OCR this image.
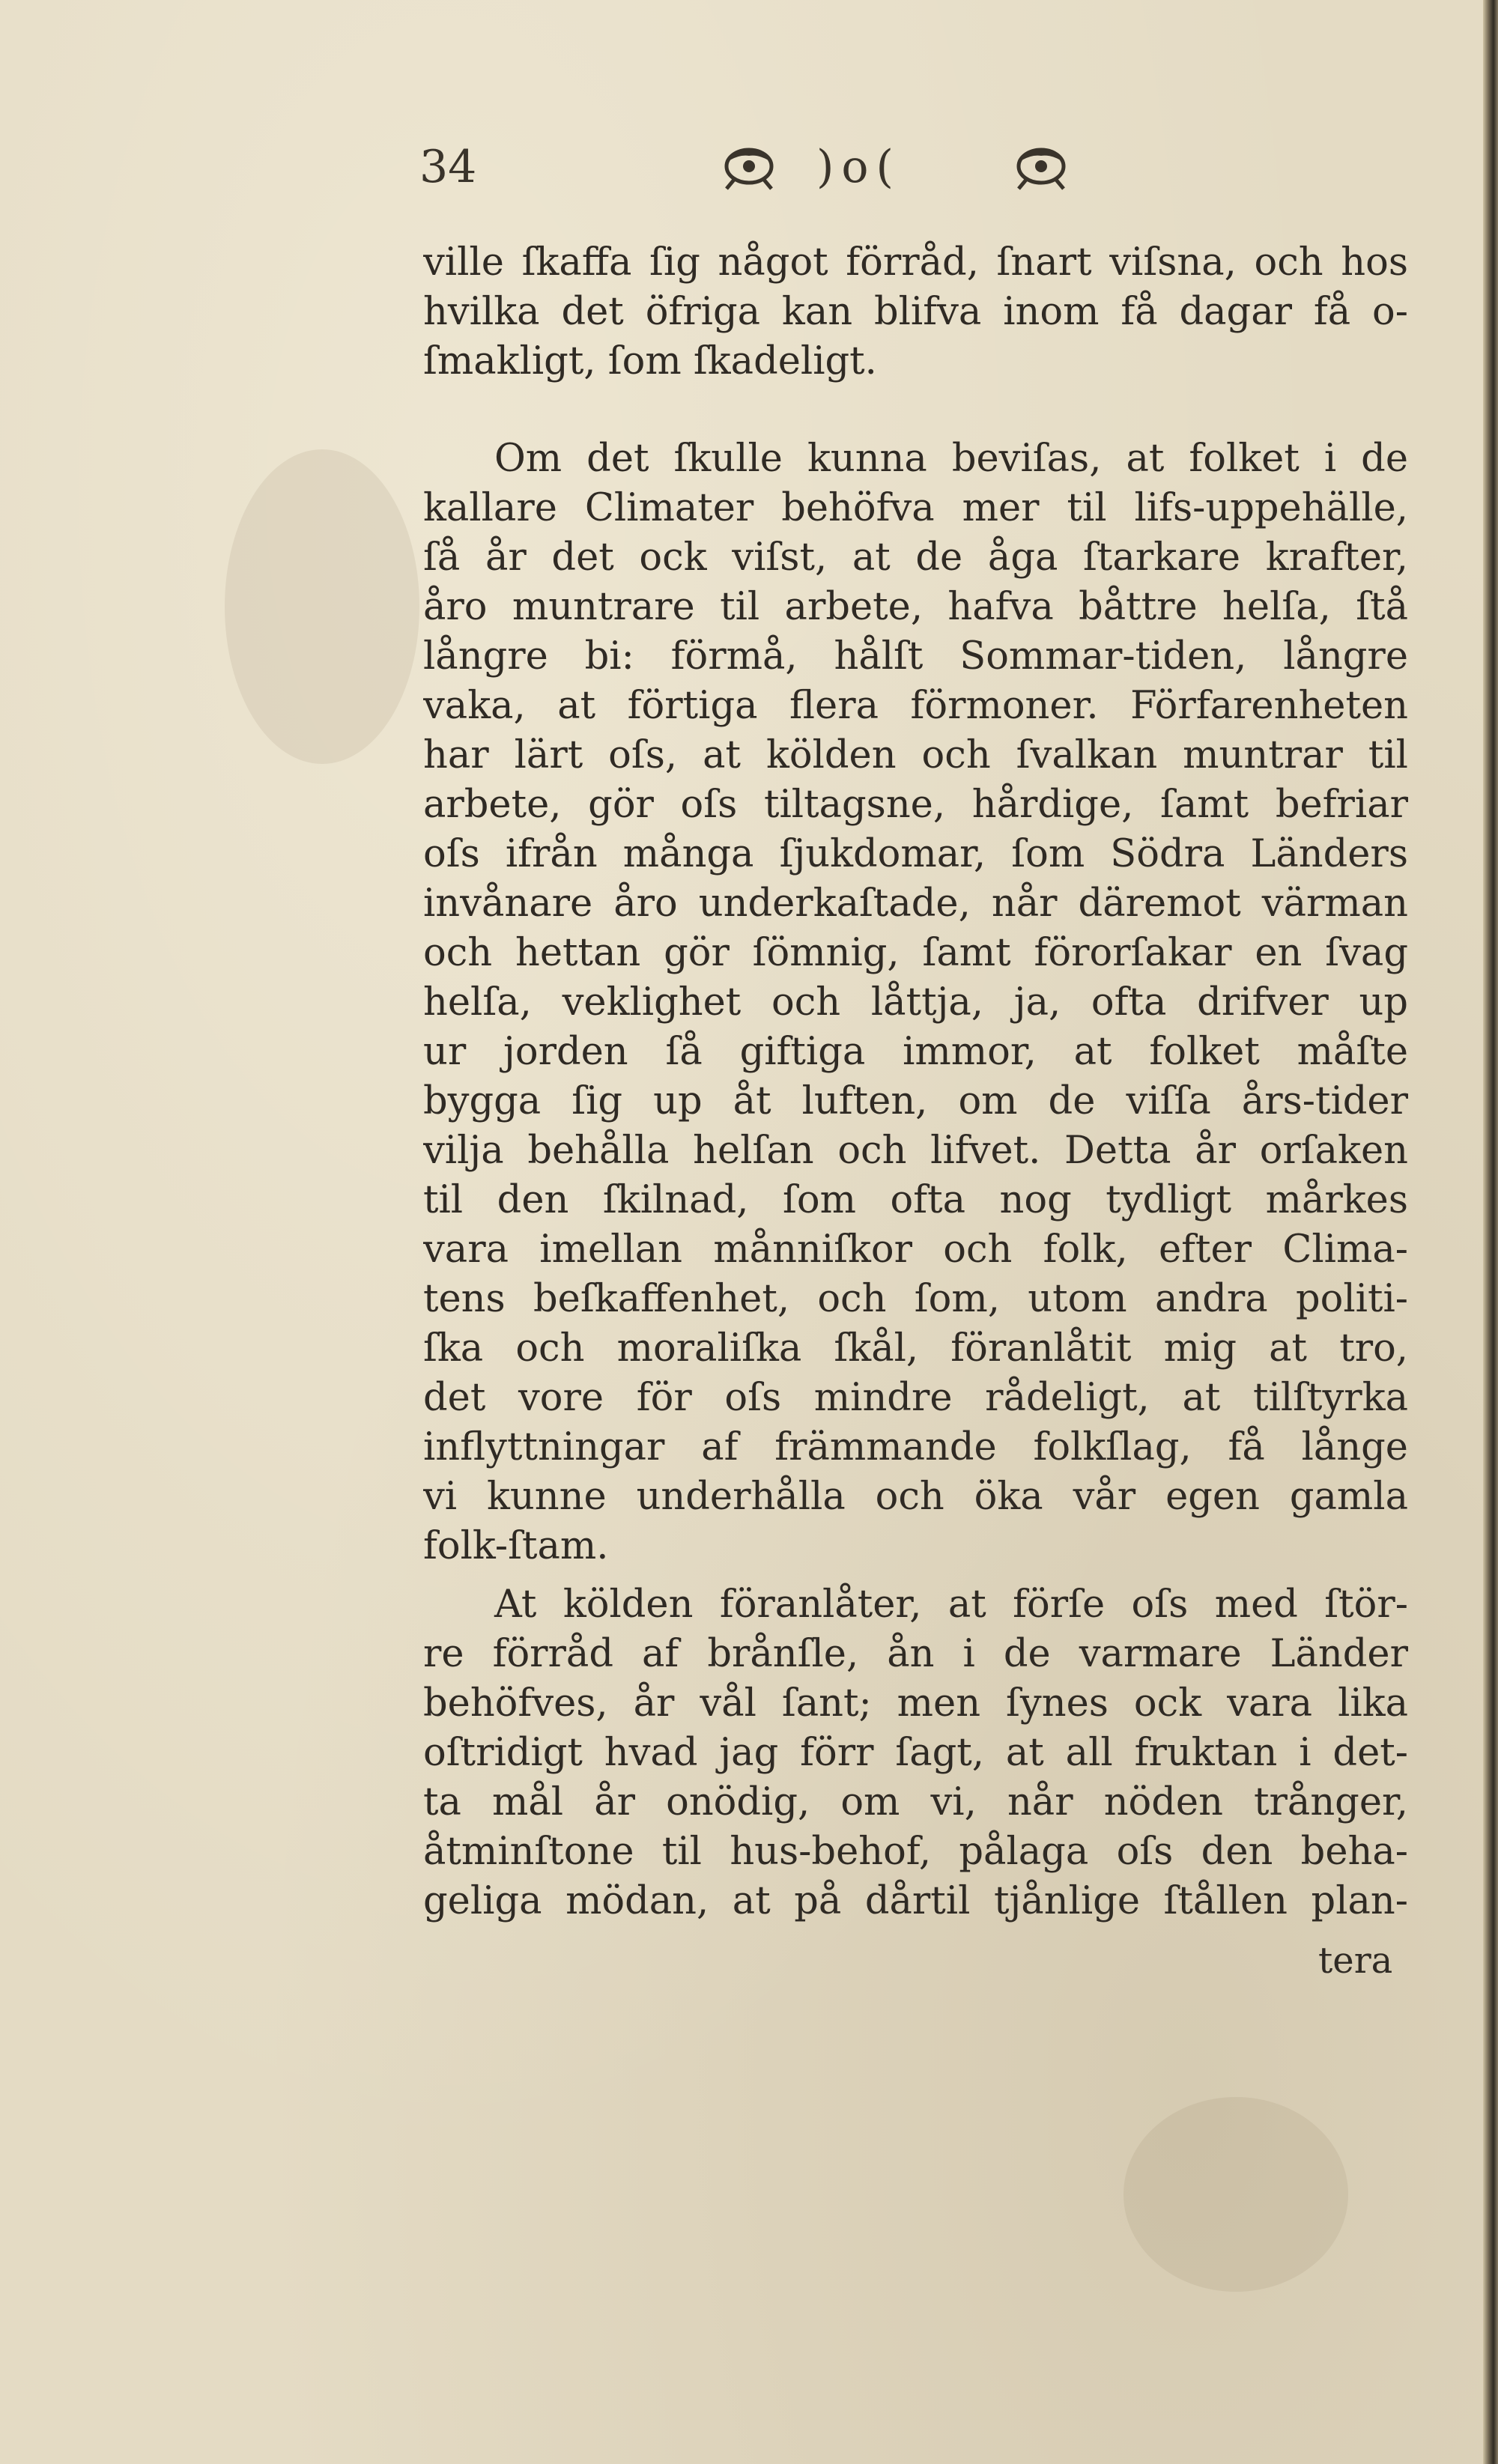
34	)o(
ville ſkaffa ſig något förråd, ſnart viſsna, och hos
hvilka det öfriga kan blifva inom få dagar få o-
ſmakligt, ſom ſkadeligt.
Om det ſkulle kunna beviſas, at folket i de
kallare Climater behöfva mer til lifs-uppehälle,
ſå år det ock viſst, at de åga ſtarkare krafter,
åro muntrare til arbete, hafva båttre helſa, ſtå
långre bi: förmå, hålſt Sommar-tiden, långre
vaka, at förtiga flera förmoner. Förfarenheten
har lärt oſs, at kölden och ſvalkan muntrar til
arbete, gör oſs tiltagsne, hårdige, ſamt befriar
oſs ifrån många ſjukdomar, ſom Södra Länders
invånare åro underkaſtade, når däremot värman
och hettan gör ſömnig, ſamt förorſakar en ſvag
helſa, veklighet och låttja, ja, ofta drifver up
ur jorden ſå giftiga immor, at folket måſte
bygga ſig up åt luften, om de viſſa års-tider
vilja behålla helſan och lifvet. Detta år orſaken
til den ſkilnad, ſom ofta nog tydligt mårkes
vara imellan månniſkor och folk, efter Clima-
tens beſkaffenhet, och ſom, utom andra politi-
ſka och moraliſka ſkål, föranlåtit mig at tro,
det vore för oſs mindre rådeligt, at tilſtyrka
inflyttningar af främmande folkſlag, få långe
vi kunne underhålla och öka vår egen gamla
folk-ſtam.
At kölden föranlåter, at förſe oſs med ſtör-
re förråd af brånſle, ån i de varmare Länder
behöfves, år vål ſant; men ſynes ock vara lika
oſtridigt hvad jag förr ſagt, at all fruktan i det-
ta mål år onödig, om vi, når nöden trånger,
åtminſtone til hus-behof, pålaga oſs den beha-
geliga mödan, at på dårtil tjånlige ſtållen plan-
tera
